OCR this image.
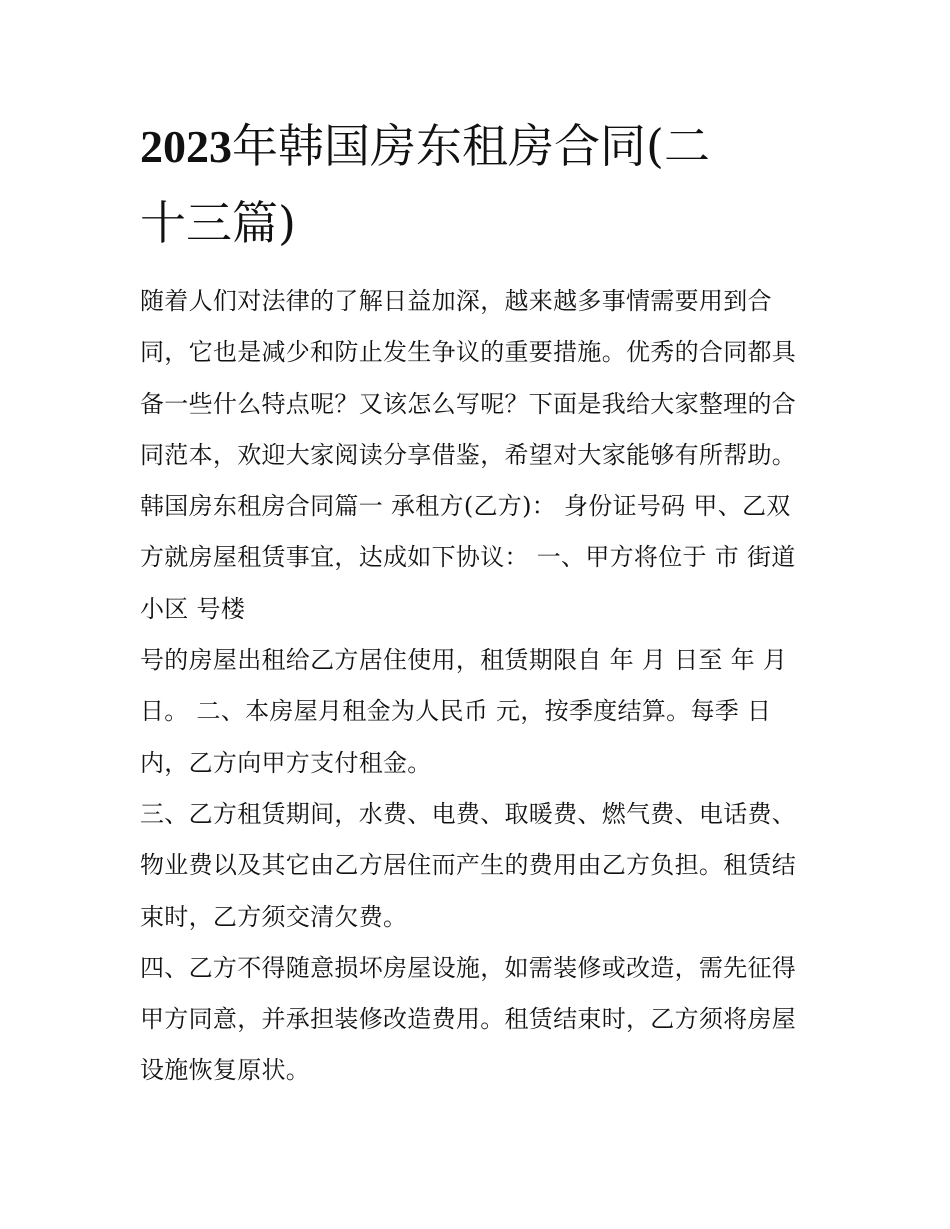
2023年韩国房东租房合同(二
十三篇)
随着人们对法律的了解日益加深，越来越多事情需要用到合
同，它也是减少和防止发生争议的重要措施。优秀的合同都具
备一些什么特点呢？又该怎么写呢？下面是我给大家整理的合
同范本，欢迎大家阅读分享借鉴，希望对大家能够有所帮助。
韩国房东租房合同篇一 承租方(乙方)： 身份证号码 甲、乙双
方就房屋租赁事宜，达成如下协议： 一、甲方将位于 市 街道
小区 号楼
号的房屋出租给乙方居住使用，租赁期限自 年 月 日至 年 月
日。 二、本房屋月租金为人民币 元，按季度结算。每季 日
内，乙方向甲方支付租金。
三、乙方租赁期间，水费、电费、取暖费、燃气费、电话费、
物业费以及其它由乙方居住而产生的费用由乙方负担。租赁结
束时，乙方须交清欠费。
四、乙方不得随意损坏房屋设施，如需装修或改造，需先征得
甲方同意，并承担装修改造费用。租赁结束时，乙方须将房屋
设施恢复原状。
